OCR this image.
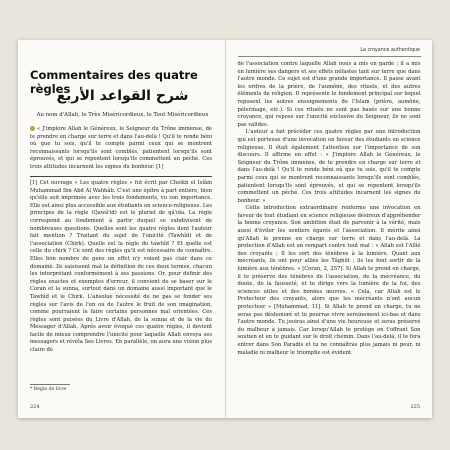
Commentaires des quatre règles

شرح القواعد الأربع

Au nom d'Allah, le Très Miséricordieux, le Tout Miséricordieux

« J'implore Allah le Généreux, le Seigneur du Trône immense, de te prendre en charge sur terre et dans l'au-delà ! Qu'il te rende béni où que tu sois, qu'il te compte parmi ceux qui se montrent reconnaissants lorsqu'ils sont comblés, patientent lorsqu'ils sont éprouvés, et qui se repentent lorsqu'ils commettent un péché. Ces trois attitudes incarnent les signes du bonheur. [1]

[1] Cet ouvrage « Les quatre règles » fut écrit par Cheikh el Islâm Muhammad Ibn Abd Al Wahhâb. C'est une épître à part entière, bien qu'elle soit imprimée avec les trois fondements, vu son importance. Elle est ainsi plus accessible aux étudiants en science-religieuse. Les principes de la règle (Qawâ'id) est le pluriel de qâ'ida. La règle correspond au fondement à partir duquel se subdivisent de nombreuses questions. Quelles sont les quatre règles dont l'auteur fait mention ? Traitant du sujet de l'unicité (Tawhîd) et de l'association (Chirk). Quelle est la règle du tawhîd ? Et quelle est celle du chirk ? Ce sont des règles qu'il est nécessaire de connaître. Elles bon nombre de gens un effet n'y voient pas clair dans ce domaine. Ils saisissent mal la définition de ces deux termes, chacun les interprétant conformément à ses passions. Or, pour définir des règles exactes et exemptes d'erreur, il convient de se baser sur le Coran et la sunna, surtout dans un domaine aussi important que le Tawhîd et le Chirk. L'absolue nécessité de ne pas se fonder ses règles sur l'avis de l'un ou de l'autre le fruit de son imagination, comme pourraient le faire certains personnes mal orientées. Ces règles sont puisées du Livre d'Allah, de la sunna et de la vie du Messager d'Allah. Après avoir évoqué ces quatre règles, il devient facile de mieux comprendre l'unicité pour laquelle Allah envoya ses messagers et révéla Ses Livres. En parallèle, on aura une vision plus claire de

* Bégin de livre
224
La croyance authentique

de l'association contre laquelle Allah nous a mis en garde ; il a mis en lumière ses dangers et ses effets néfastes tant sur terre que dans l'autre monde. Ce sujet est d'une grande importance. Il passe avant les ordres de la prière, de l'aumône, des rituels, et des autres éléments de religion. Il représente le fondement principal sur lequel reposent les autres enseignements de l'Islam (prière, aumône, pèlerinage, etc.). Si ces rituels ne sont pas basés sur une bonne croyance, qui repose sur l'unicité exclusive du Seigneur, ils ne sont pas valides.

L'auteur a fait précéder ces quatre règles par une introduction qui est porteuse d'une invocation en faveur des étudiants en science religieuse. Il était également l'attention sur l'importance de son discours. Il affirme en effet : « J'implore Allah le Généreux, le Seigneur du Trône immense, de te prendre en charge sur terre et dans l'au-delà ! Qu'il te rende béni où que tu sois, qu'il te compte parmi ceux qui se montrent reconnaissants lorsqu'ils sont comblés, patientent lorsqu'ils sont éprouvés, et qui se repentent lorsqu'ils commettent un péché. Ces trois attitudes incarnent les signes du bonheur. »

Cette introduction extraordinaire renferme une invocation en faveur de tout étudiant en science religieuse désireux d'appréhender la bonne croyance. Son ambition était de parvenir à la vérité, mais aussi d'éviter les sentiers égarés et l'association. Il mérite ainsi qu'Allah le prenne en charge sur terre et dans l'au-delà. La protection d'Allah est un rempart contre tout mal : « Allah est l'Allié des croyants ; Il les sort des ténèbres à la lumière. Quant aux mécréants, ils ont pour alliés les Tâghût ; ils les font sortir de la lumière aux ténèbres. » [Coran, 2, 257]. Si Allah te prend en charge, il te préserve des ténèbres de l'association, de la mécréance, du doute, de la fausseté, et te dirige vers la lumière de la foi, des sciences utiles et des bonnes œuvres. « Cela, car Allah est le Protecteur des croyants, alors que les mécréants n'ont aucun protecteur » [Muhammad, 11]. Si Allah te prend en charge, tu ne seras pas déshonoré et tu pourras vivre sereinement ici-bas et dans l'autre monde. Tu jouiras ainsi d'une vie heureuse et seras préservé du malheur à jamais. Car lorsqu'Allah te protège en t'offrant Son soutien et en te guidant sur le droit chemin. Dans l'au-delà, il te fera entrer dans Son Paradis et tu ne connaîtras plus jamais ni peur, ni maladie ni malheur le triomphe est évident.

225
